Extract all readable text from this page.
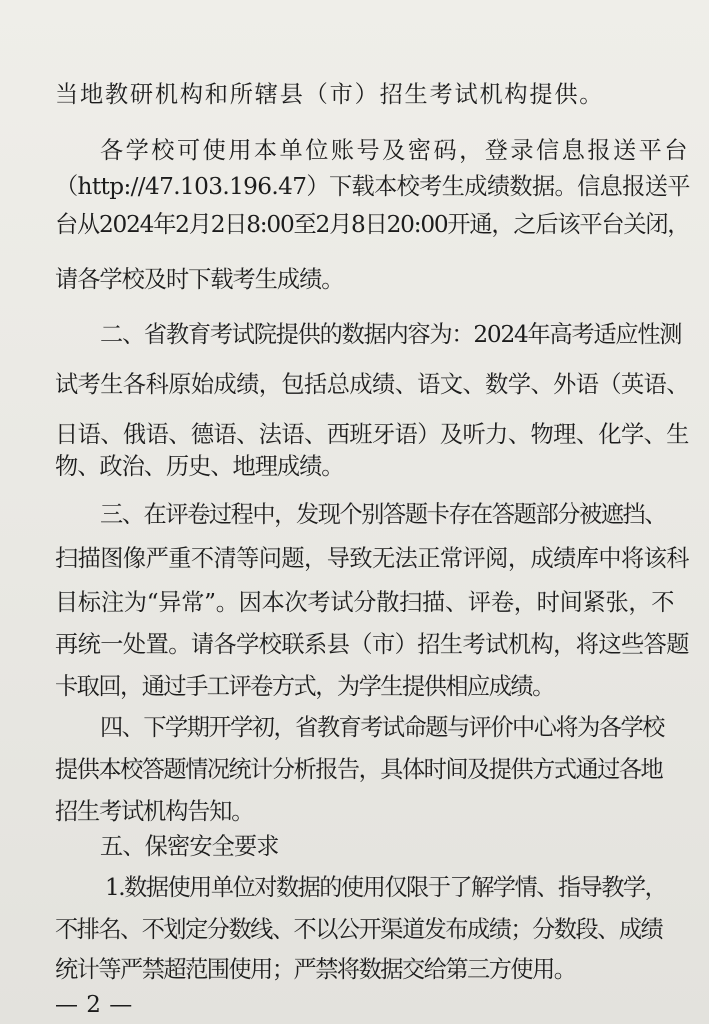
当地教研机构和所辖县（市）招生考试机构提供。
各学校可使用本单位账号及密码，登录信息报送平台
（http://47.103.196.47）下载本校考生成绩数据。信息报送平
台从2024年2月2日8:00至2月8日20:00开通，之后该平台关闭，
请各学校及时下载考生成绩。
二、省教育考试院提供的数据内容为：2024年高考适应性测
试考生各科原始成绩，包括总成绩、语文、数学、外语（英语、
日语、俄语、德语、法语、西班牙语）及听力、物理、化学、生
物、政治、历史、地理成绩。
三、在评卷过程中，发现个别答题卡存在答题部分被遮挡、
扫描图像严重不清等问题，导致无法正常评阅，成绩库中将该科
目标注为“异常”。因本次考试分散扫描、评卷，时间紧张，不
再统一处置。请各学校联系县（市）招生考试机构，将这些答题
卡取回，通过手工评卷方式，为学生提供相应成绩。
四、下学期开学初，省教育考试命题与评价中心将为各学校
提供本校答题情况统计分析报告，具体时间及提供方式通过各地
招生考试机构告知。
五、保密安全要求
1.数据使用单位对数据的使用仅限于了解学情、指导教学，
不排名、不划定分数线、不以公开渠道发布成绩；分数段、成绩
统计等严禁超范围使用；严禁将数据交给第三方使用。
— 2 —
